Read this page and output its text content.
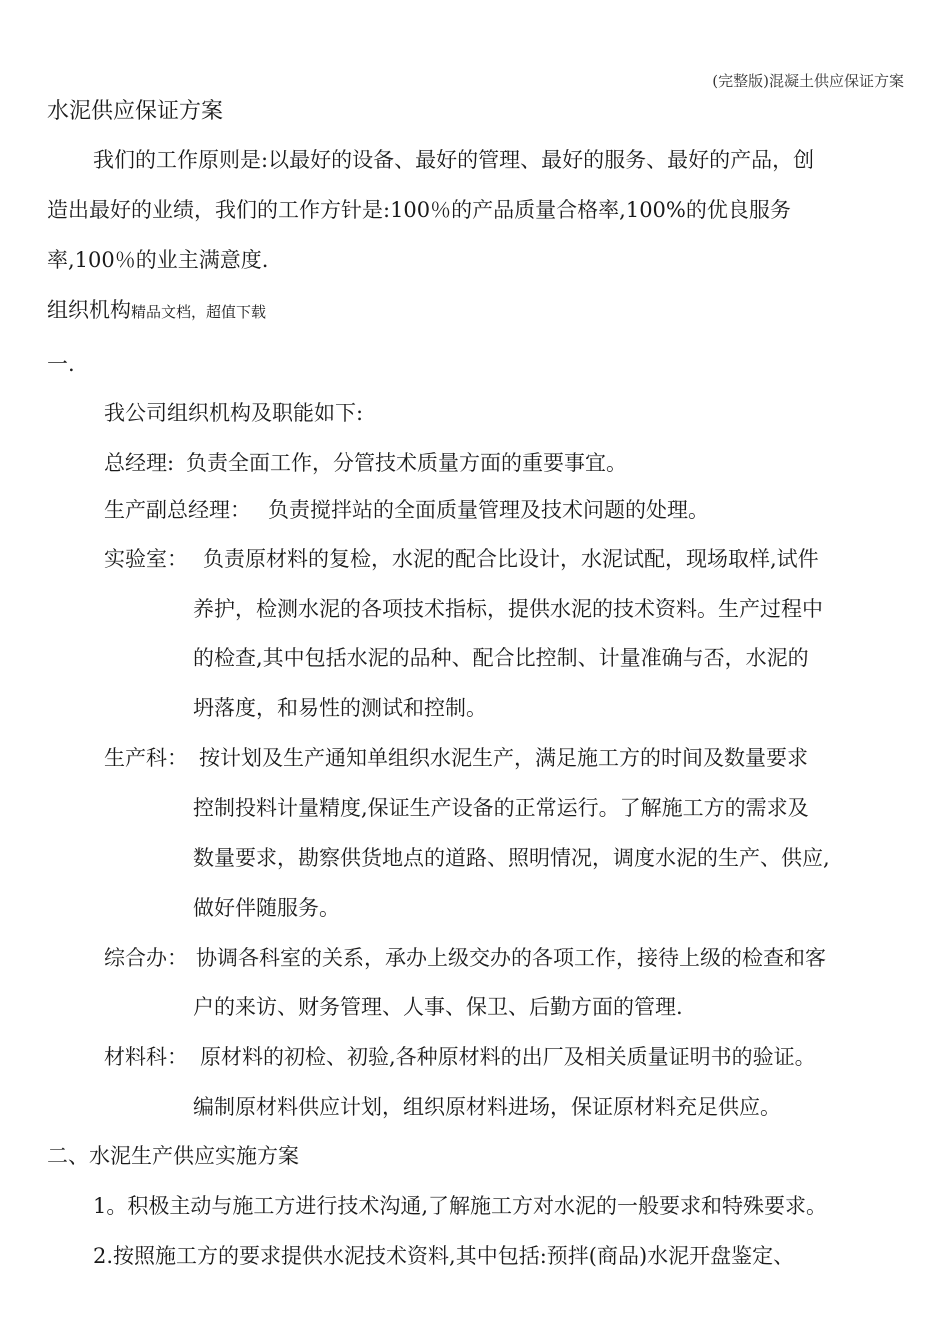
(完整版)混凝土供应保证方案
水泥供应保证方案
我们的工作原则是:以最好的设备、最好的管理、最好的服务、最好的产品，创
造出最好的业绩，我们的工作方针是:100％的产品质量合格率,100%的优良服务
率,100％的业主满意度.
组织机构精品文档，超值下载
一.
我公司组织机构及职能如下:
总经理: 负责全面工作，分管技术质量方面的重要事宜。
生产副总经理： 负责搅拌站的全面质量管理及技术问题的处理。
实验室： 负责原材料的复检，水泥的配合比设计，水泥试配，现场取样,试件
养护，检测水泥的各项技术指标，提供水泥的技术资料。生产过程中
的检查,其中包括水泥的品种、配合比控制、计量准确与否，水泥的
坍落度，和易性的测试和控制。
生产科： 按计划及生产通知单组织水泥生产，满足施工方的时间及数量要求
控制投料计量精度,保证生产设备的正常运行。了解施工方的需求及
数量要求，勘察供货地点的道路、照明情况，调度水泥的生产、供应,
做好伴随服务。
综合办： 协调各科室的关系，承办上级交办的各项工作，接待上级的检查和客
户的来访、财务管理、人事、保卫、后勤方面的管理.
材料科： 原材料的初检、初验,各种原材料的出厂及相关质量证明书的验证。
编制原材料供应计划，组织原材料进场，保证原材料充足供应。
二、水泥生产供应实施方案
1。积极主动与施工方进行技术沟通,了解施工方对水泥的一般要求和特殊要求。
2.按照施工方的要求提供水泥技术资料,其中包括:预拌(商品)水泥开盘鉴定、
